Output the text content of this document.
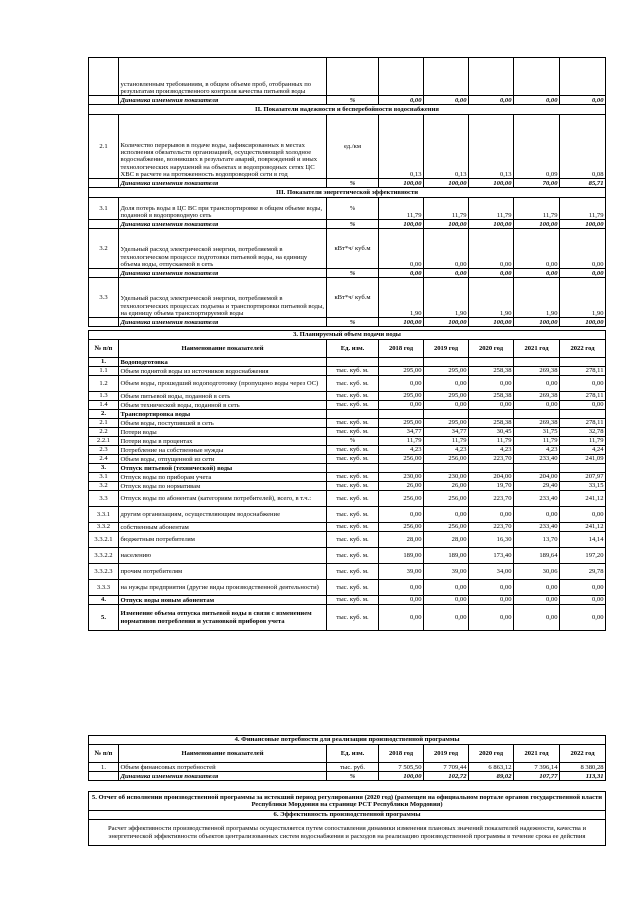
	установленным требованиям, в общем объеме проб, отобранных по результатам производственного контроля качества питьевой воды						
	Динамика изменения показателя	%	0,00	0,00	0,00	0,00	0,00
II. Показатели надежности и бесперебойности водоснабжения							
2.1	Количество перерывов в подаче воды, зафиксированных в местах исполнения обязательств организацией, осуществляющей холодное водоснабжение, возникших в результате аварий, повреждений и иных технологических нарушений на объектах и водопроводных сетях ЦС ХВС в расчете на протяженность водопроводной сети в год	ед./км	0,13	0,13	0,13	0,09	0,08
	Динамика изменения показателя	%	100,00	100,00	100,00	70,00	85,71
III. Показатели энергетической эффективности							
3.1	Доля потерь воды в ЦС ВС при транспортировке в общем объеме воды, поданной в водопроводную сеть	%	11,79	11,79	11,79	11,79	11,79
	Динамика изменения показателя	%	100,00	100,00	100,00	100,00	100,00
3.2	Удельный расход электрической энергии, потребляемой в технологическом процессе подготовки питьевой воды, на единицу объема воды, отпускаемой в сеть	кВт*ч/ куб.м	0,00	0,00	0,00	0,00	0,00
	Динамика изменения показателя	%	0,00	0,00	0,00	0,00	0,00
3.3	Удельный расход электрической энергии, потребляемой в технологических процессах подъема и транспортировки питьевой воды, на единицу объема транспортируемой воды	кВт*ч/ куб.м	1,90	1,90	1,90	1,90	1,90
	Динамика изменения показателя	%	100,00	100,00	100,00	100,00	100,00
3. Планируемый объем подачи воды							
№ п/п	Наименование показателей	Ед. изм.	2018 год	2019 год	2020 год	2021 год	2022 год
1.	Водоподготовка						
1.1	Объем поднятой воды из источников водоснабжения	тыс. куб. м.	295,00	295,00	258,38	269,38	278,11
1.2	Объем воды, прошедший водоподготовку (пропущено воды через ОС)	тыс. куб. м.	0,00	0,00	0,00	0,00	0,00
1.3	Объем питьевой воды, поданной в сеть	тыс. куб. м.	295,00	295,00	258,38	269,38	278,11
1.4	Объем технической воды, поданной в сеть	тыс. куб. м.	0,00	0,00	0,00	0,00	0,00
2.	Транспортировка воды						
2.1	Объем воды, поступившей в сеть	тыс. куб. м.	295,00	295,00	258,38	269,38	278,11
2.2	Потери воды	тыс. куб. м.	34,77	34,77	30,45	31,75	32,78
2.2.1	Потери воды в процентах	%	11,79	11,79	11,79	11,79	11,79
2.3	Потребление на собственные нужды	тыс. куб. м.	4,23	4,23	4,23	4,23	4,24
2.4	Объем воды, отпущенной из сети	тыс. куб. м.	256,00	256,00	223,70	233,40	241,09
3.	Отпуск питьевой (технической) воды						
3.1	Отпуск воды по приборам учета	тыс. куб. м.	230,00	230,00	204,00	204,00	207,97
3.2	Отпуск воды по нормативам	тыс. куб. м.	26,00	26,00	19,70	29,40	33,15
3.3	Отпуск воды по абонентам (категориям потребителей), всего, в т.ч.:	тыс. куб. м.	256,00	256,00	223,70	233,40	241,12
3.3.1	другим организациям, осуществляющим водоснабжение	тыс. куб. м.	0,00	0,00	0,00	0,00	0,00
3.3.2	собственным абонентам	тыс. куб. м.	256,00	256,00	223,70	233,40	241,12
3.3.2.1	бюджетным потребителям	тыс. куб. м.	28,00	28,00	16,30	13,70	14,14
3.3.2.2	населению	тыс. куб. м.	189,00	189,00	173,40	189,64	197,20
3.3.2.3	прочим потребителям	тыс. куб. м.	39,00	39,00	34,00	30,06	29,78
3.3.3	на нужды предприятия (другие виды производственной деятельности)	тыс. куб. м.	0,00	0,00	0,00	0,00	0,00
4.	Отпуск воды новым абонентам	тыс. куб. м.	0,00	0,00	0,00	0,00	0,00
5.	Изменение объема отпуска питьевой воды в связи с изменением нормативов потребления и установкой приборов учета	тыс. куб. м.	0,00	0,00	0,00	0,00	0,00
4. Финансовые потребности для реализации производственной программы							
№ п/п	Наименование показателей	Ед. изм.	2018 год	2019 год	2020 год	2021 год	2022 год
1.	Объем финансовых потребностей	тыс. руб.	7 505,50	7 709,44	6 863,12	7 396,14	8 380,28
	Динамика изменения показателя	%	100,00	102,72	89,02	107,77	113,31
5. Отчет об исполнении производственной программы за истекший период регулирования (2020 год) (размещен на официальном портале органов государственной власти Республики Мордовия на странице РСТ Республики Мордовия)
6. Эффективность производственной программы
Расчет эффективности производственной программы осуществляется путем сопоставления динамики изменения плановых значений показателей надежности, качества и энергетической эффективности объектов централизованных систем водоснабжения и расходов на реализацию производственной программы в течение срока ее действия
